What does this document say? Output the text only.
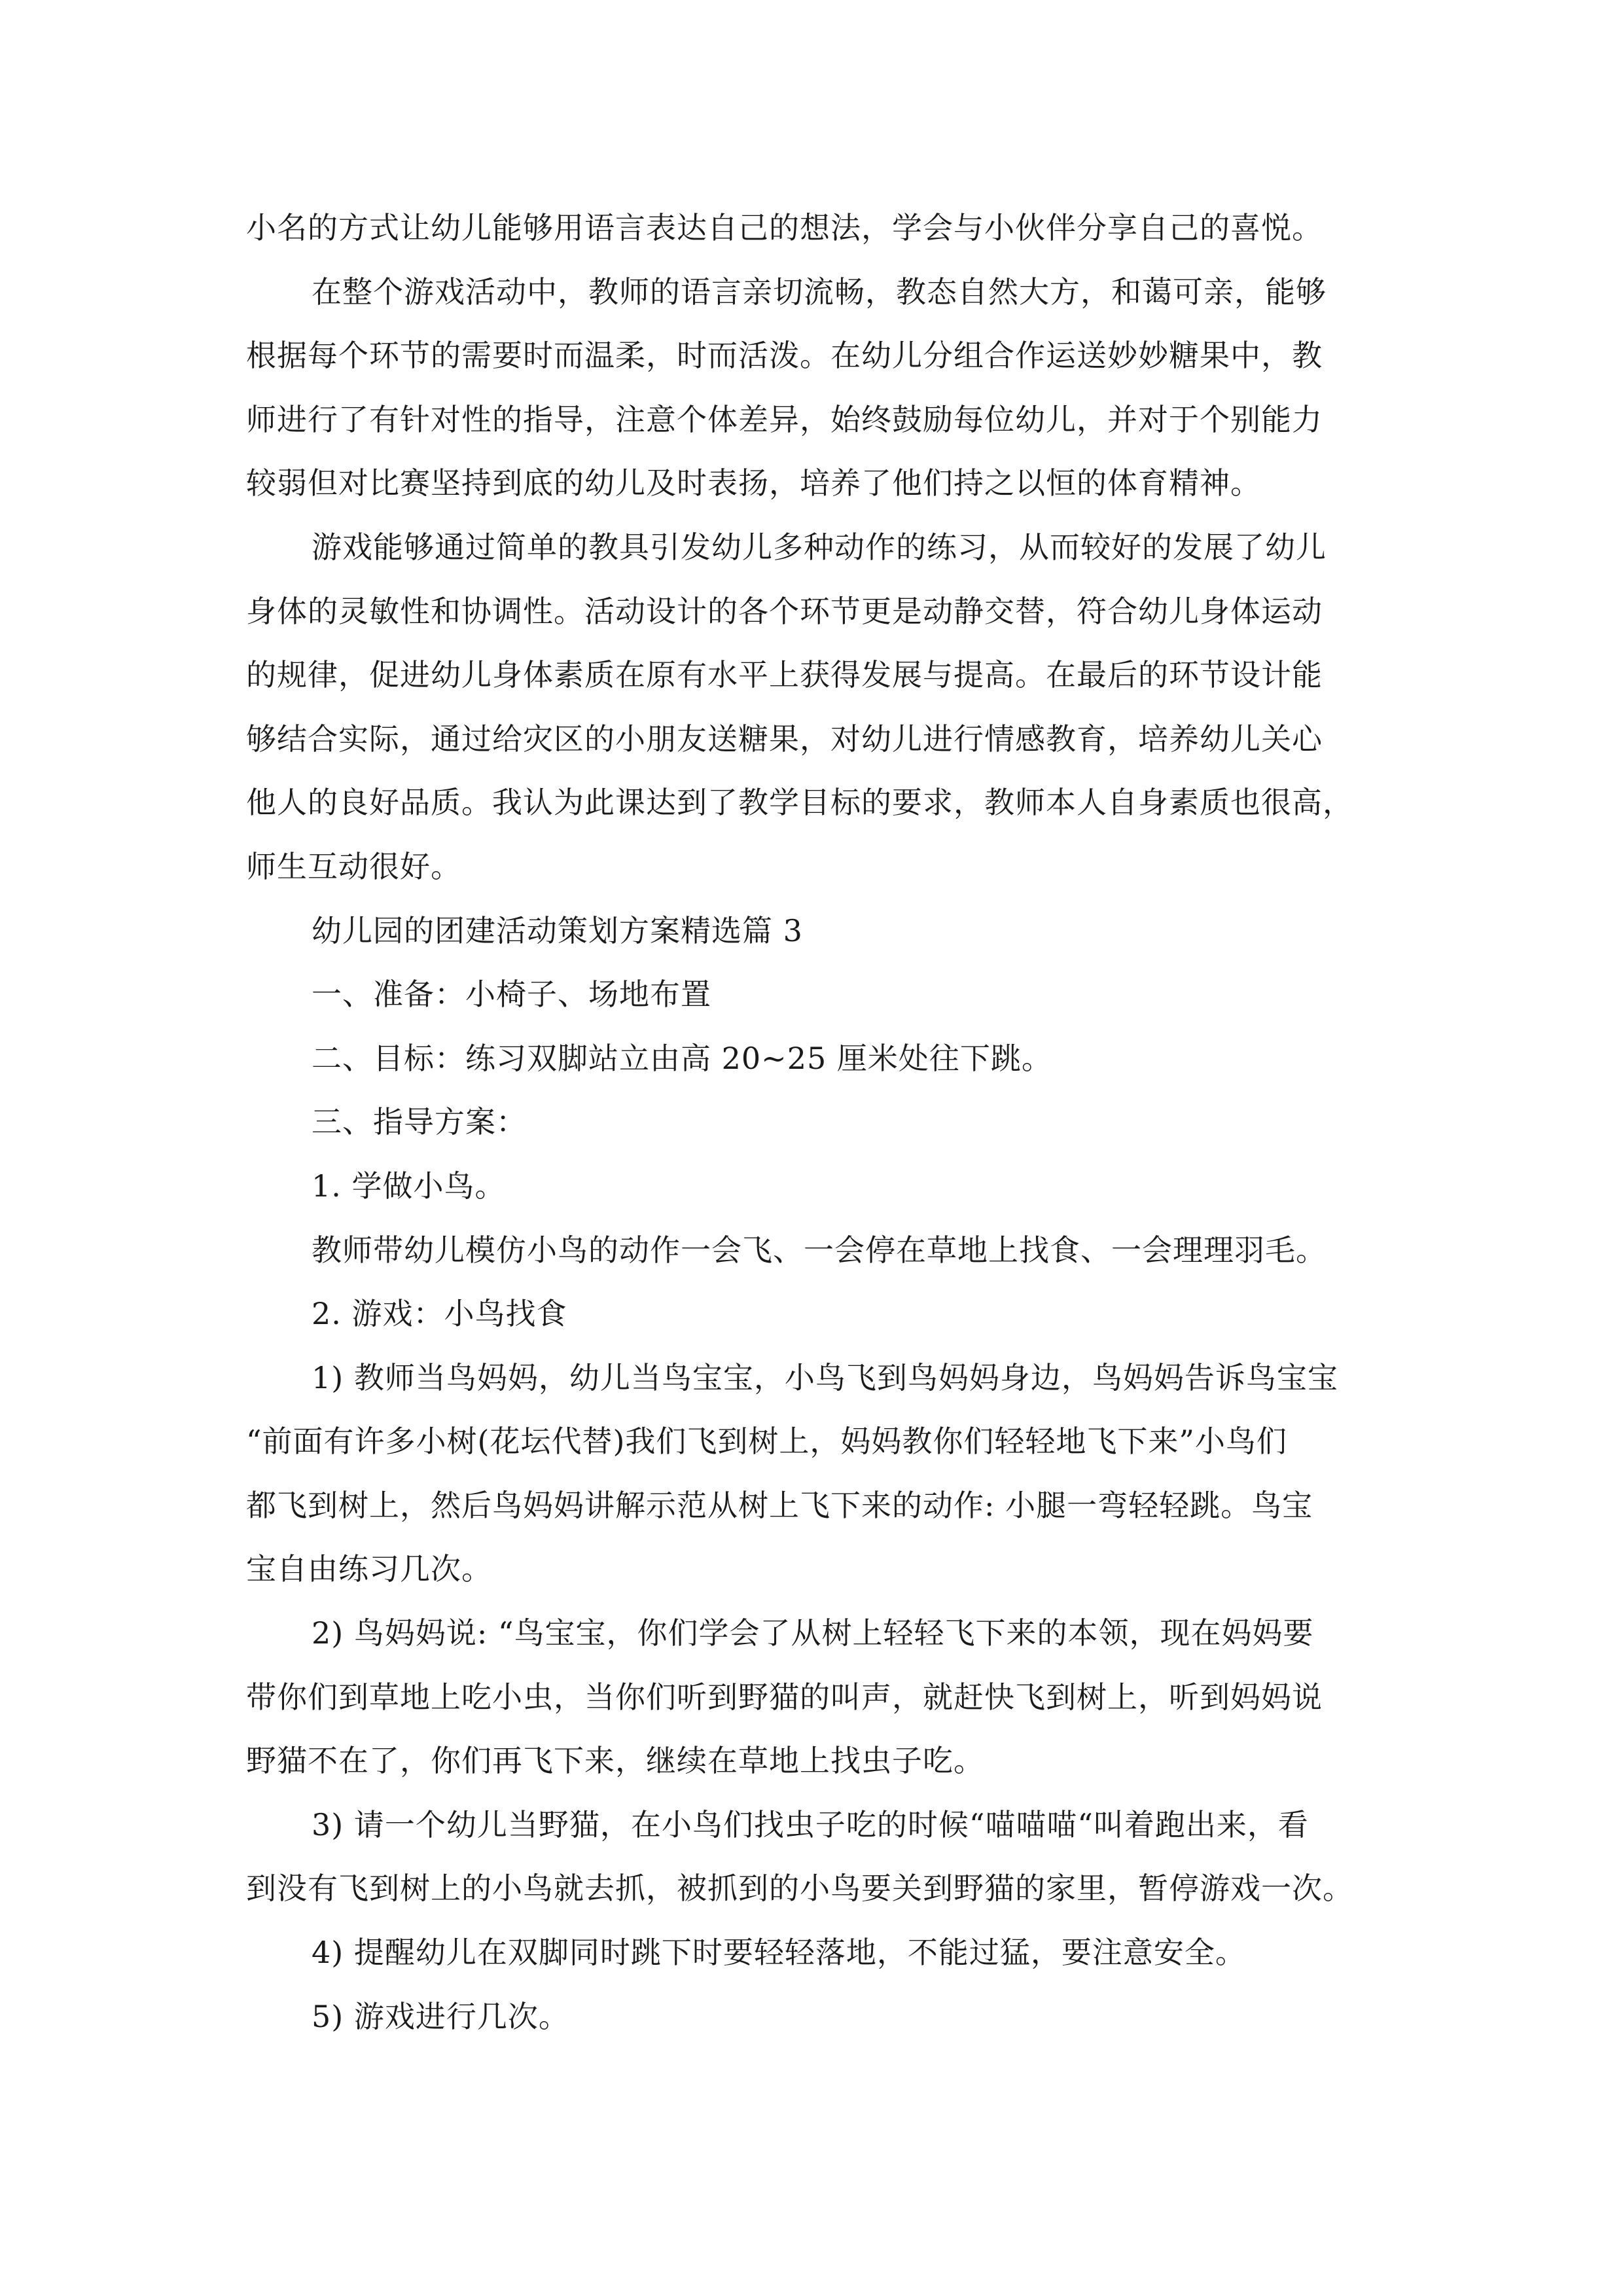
小名的方式让幼儿能够用语言表达自己的想法，学会与小伙伴分享自己的喜悦。
在整个游戏活动中，教师的语言亲切流畅，教态自然大方，和蔼可亲，能够
根据每个环节的需要时而温柔，时而活泼。在幼儿分组合作运送妙妙糖果中，教
师进行了有针对性的指导，注意个体差异，始终鼓励每位幼儿，并对于个别能力
较弱但对比赛坚持到底的幼儿及时表扬，培养了他们持之以恒的体育精神。
游戏能够通过简单的教具引发幼儿多种动作的练习，从而较好的发展了幼儿
身体的灵敏性和协调性。活动设计的各个环节更是动静交替，符合幼儿身体运动
的规律，促进幼儿身体素质在原有水平上获得发展与提高。在最后的环节设计能
够结合实际，通过给灾区的小朋友送糖果，对幼儿进行情感教育，培养幼儿关心
他人的良好品质。我认为此课达到了教学目标的要求，教师本人自身素质也很高，
师生互动很好。
幼儿园的团建活动策划方案精选篇 3
一、准备：小椅子、场地布置
二、目标：练习双脚站立由高 20~25 厘米处往下跳。
三、指导方案：
1. 学做小鸟。
教师带幼儿模仿小鸟的动作一会飞、一会停在草地上找食、一会理理羽毛。
2. 游戏：小鸟找食
1) 教师当鸟妈妈，幼儿当鸟宝宝，小鸟飞到鸟妈妈身边，鸟妈妈告诉鸟宝宝
“前面有许多小树(花坛代替)我们飞到树上，妈妈教你们轻轻地飞下来”小鸟们
都飞到树上，然后鸟妈妈讲解示范从树上飞下来的动作: 小腿一弯轻轻跳。鸟宝
宝自由练习几次。
2) 鸟妈妈说: “鸟宝宝，你们学会了从树上轻轻飞下来的本领，现在妈妈要
带你们到草地上吃小虫，当你们听到野猫的叫声，就赶快飞到树上，听到妈妈说
野猫不在了，你们再飞下来，继续在草地上找虫子吃。
3) 请一个幼儿当野猫，在小鸟们找虫子吃的时候“喵喵喵“叫着跑出来，看
到没有飞到树上的小鸟就去抓，被抓到的小鸟要关到野猫的家里，暂停游戏一次。
4) 提醒幼儿在双脚同时跳下时要轻轻落地，不能过猛，要注意安全。
5) 游戏进行几次。
